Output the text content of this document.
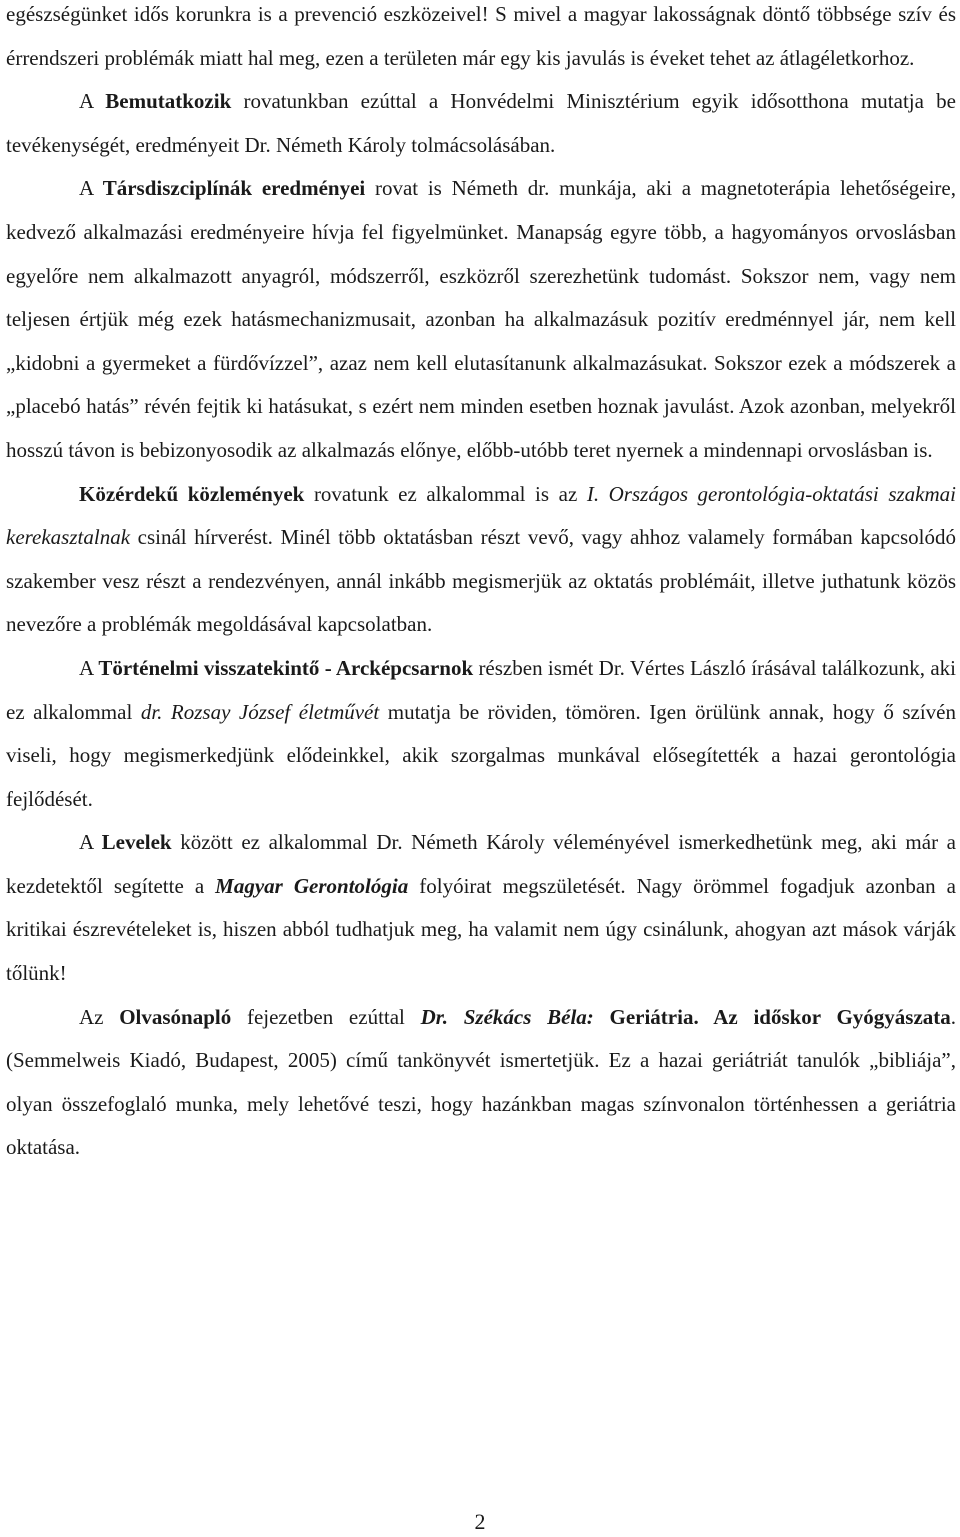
egészségünket idős korunkra is a prevenció eszközeivel! S mivel a magyar lakosságnak döntő többsége szív és érrendszeri problémák miatt hal meg, ezen a területen már egy kis javulás is éveket tehet az átlagéletkorhoz.

A Bemutatkozik rovatunkban ezúttal a Honvédelmi Minisztérium egyik idősotthona mutatja be tevékenységét, eredményeit Dr. Németh Károly tolmácsolásában.

A Társdiszciplínák eredményei rovat is Németh dr. munkája, aki a magnetoterápia lehetőségeire, kedvező alkalmazási eredményeire hívja fel figyelmünket. Manapság egyre több, a hagyományos orvoslásban egyelőre nem alkalmazott anyagról, módszerről, eszközről szerezhetünk tudomást. Sokszor nem, vagy nem teljesen értjük még ezek hatásmechanizmusait, azonban ha alkalmazásuk pozitív eredménnyel jár, nem kell „kidobni a gyermeket a fürdővízzel”, azaz nem kell elutasítanunk alkalmazásukat. Sokszor ezek a módszerek a „placebó hatás” révén fejtik ki hatásukat, s ezért nem minden esetben hoznak javulást. Azok azonban, melyekről hosszú távon is bebizonyosodik az alkalmazás előnye, előbb-utóbb teret nyernek a mindennapi orvoslásban is.

Közérdekű közlemények rovatunk ez alkalommal is az I. Országos gerontológia-oktatási szakmai kerekasztalnak csinál hírverést. Minél több oktatásban részt vevő, vagy ahhoz valamely formában kapcsolódó szakember vesz részt a rendezvényen, annál inkább megismerjük az oktatás problémáit, illetve juthatunk közös nevezőre a problémák megoldásával kapcsolatban.

A Történelmi visszatekintő - Arcképcsarnok részben ismét Dr. Vértes László írásával találkozunk, aki ez alkalommal dr. Rozsay József életművét mutatja be röviden, tömören. Igen örülünk annak, hogy ő szívén viseli, hogy megismerkedjünk elődeinkkel, akik szorgalmas munkával elősegítették a hazai gerontológia fejlődését.

A Levelek között ez alkalommal Dr. Németh Károly véleményével ismerkedhetünk meg, aki már a kezdetektől segítette a Magyar Gerontológia folyóirat megszületését. Nagy örömmel fogadjuk azonban a kritikai észrevételeket is, hiszen abból tudhatjuk meg, ha valamit nem úgy csinálunk, ahogyan azt mások várják tőlünk!

Az Olvasónapló fejezetben ezúttal Dr. Székács Béla: Geriátria. Az időskor Gyógyászata. (Semmelweis Kiadó, Budapest, 2005) című tankönyvét ismertetjük. Ez a hazai geriátriát tanulók „bibliája”, olyan összefoglaló munka, mely lehetővé teszi, hogy hazánkban magas színvonalon történhessen a geriátria oktatása.

2
